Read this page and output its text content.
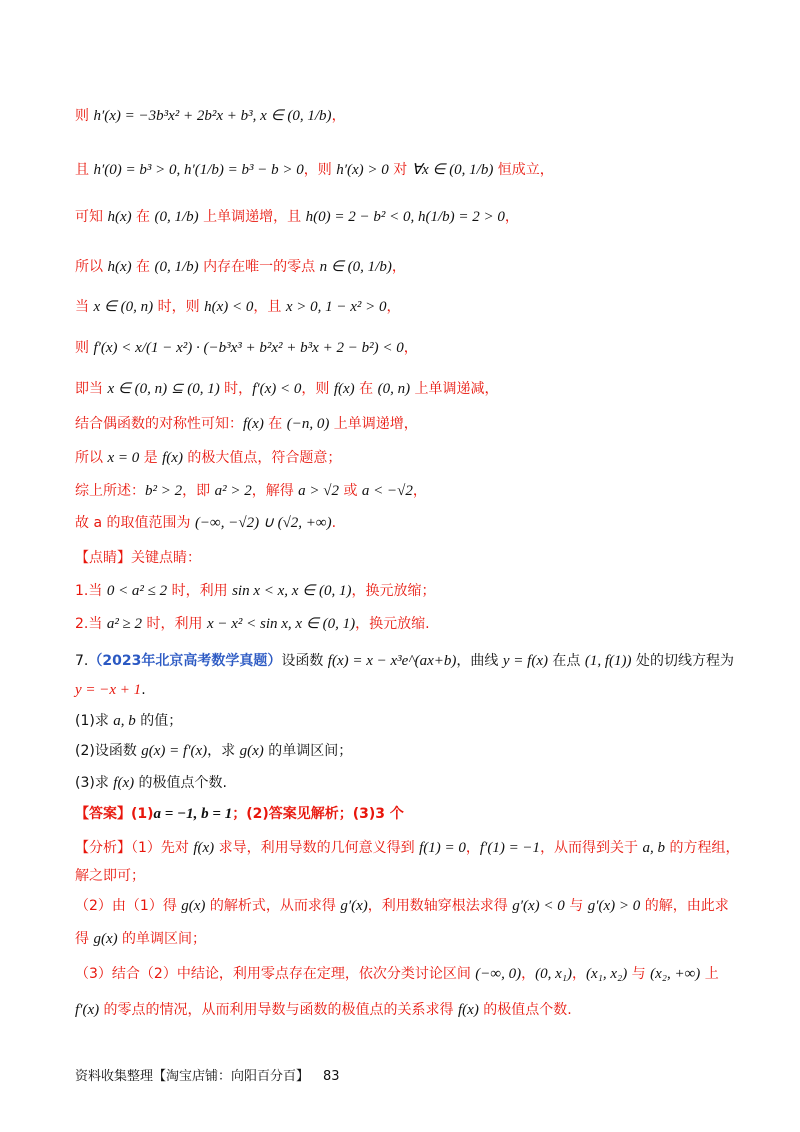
则 h′(x) = −3b³x² + 2b²x + b³, x ∈ (0, 1/b)，
且 h′(0) = b³ > 0, h′(1/b) = b³ − b > 0，则 h′(x) > 0 对 ∀x ∈ (0, 1/b) 恒成立，
可知 h(x) 在 (0, 1/b) 上单调递增，且 h(0) = 2 − b² < 0, h(1/b) = 2 > 0，
所以 h(x) 在 (0, 1/b) 内存在唯一的零点 n ∈ (0, 1/b)，
当 x ∈ (0, n) 时，则 h(x) < 0，且 x > 0, 1 − x² > 0，
则 f′(x) < x/(1 − x²) · (−b³x³ + b²x² + b³x + 2 − b²) < 0，
即当 x ∈ (0, n) ⊆ (0, 1) 时，f′(x) < 0，则 f(x) 在 (0, n) 上单调递减，
结合偶函数的对称性可知：f(x) 在 (−n, 0) 上单调递增，
所以 x = 0 是 f(x) 的极大值点，符合题意；
综上所述：b² > 2，即 a² > 2，解得 a > √2 或 a < −√2，
故 a 的取值范围为 (−∞, −√2) ∪ (√2, +∞).
【点睛】关键点睛：
1.当 0 < a² ≤ 2 时，利用 sin x < x, x ∈ (0, 1)，换元放缩；
2.当 a² ≥ 2 时，利用 x − x² < sin x, x ∈ (0, 1)，换元放缩.
7.（2023年北京高考数学真题）设函数 f(x) = x − x³e^(ax+b)，曲线 y = f(x) 在点 (1, f(1)) 处的切线方程为
y = −x + 1.
(1)求 a, b 的值；
(2)设函数 g(x) = f′(x)，求 g(x) 的单调区间；
(3)求 f(x) 的极值点个数.
【答案】(1)a = −1, b = 1；(2)答案见解析；(3)3 个
【分析】（1）先对 f(x) 求导，利用导数的几何意义得到 f(1) = 0，f′(1) = −1，从而得到关于 a, b 的方程组，
解之即可；
（2）由（1）得 g(x) 的解析式，从而求得 g′(x)，利用数轴穿根法求得 g′(x) < 0 与 g′(x) > 0 的解，由此求
得 g(x) 的单调区间；
（3）结合（2）中结论，利用零点存在定理，依次分类讨论区间 (−∞, 0)，(0, x₁)，(x₁, x₂) 与 (x₂, +∞) 上
f′(x) 的零点的情况，从而利用导数与函数的极值点的关系求得 f(x) 的极值点个数.
资料收集整理【淘宝店铺：向阳百分百】 83
